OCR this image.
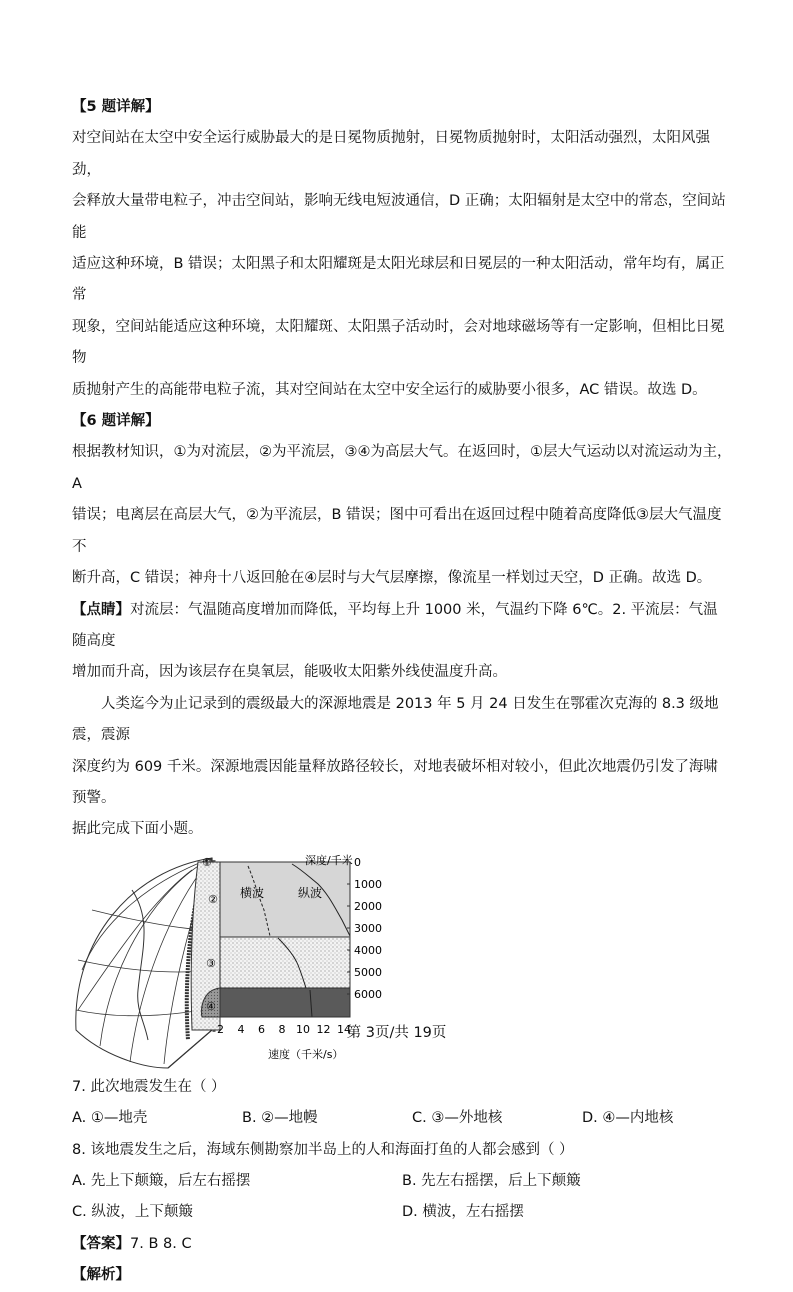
【5 题详解】

对空间站在太空中安全运行威胁最大的是日冕物质抛射，日冕物质抛射时，太阳活动强烈，太阳风强劲，

会释放大量带电粒子，冲击空间站，影响无线电短波通信，D 正确；太阳辐射是太空中的常态，空间站能

适应这种环境，B 错误；太阳黑子和太阳耀斑是太阳光球层和日冕层的一种太阳活动，常年均有，属正常

现象，空间站能适应这种环境，太阳耀斑、太阳黑子活动时，会对地球磁场等有一定影响，但相比日冕物

质抛射产生的高能带电粒子流，其对空间站在太空中安全运行的威胁要小很多，AC 错误。故选 D。

【6 题详解】

根据教材知识，①为对流层，②为平流层，③④为高层大气。在返回时，①层大气运动以对流运动为主，A

错误；电离层在高层大气，②为平流层，B 错误；图中可看出在返回过程中随着高度降低③层大气温度不

断升高，C 错误；神舟十八返回舱在④层时与大气层摩擦，像流星一样划过天空，D 正确。故选 D。

【点睛】对流层：气温随高度增加而降低，平均每上升 1000 米，气温约下降 6℃。2. 平流层：气温随高度

增加而升高，因为该层存在臭氧层，能吸收太阳紫外线使温度升高。

人类迄今为止记录到的震级最大的深源地震是 2013 年 5 月 24 日发生在鄂霍次克海的 8.3 级地震，震源

深度约为 609 千米。深源地震因能量释放路径较长，对地表破坏相对较小，但此次地震仍引发了海啸预警。

据此完成下面小题。

深度/千米 0
1000
2000
3000
4000
5000
6000
2 4 6 8 10 12 14
速度（千米/s）
横波	纵波
①
②
③
④

7. 此次地震发生在（ ）

A. ①—地壳	B. ②—地幔	C. ③—外地核	D. ④—内地核

8. 该地震发生之后，海域东侧勘察加半岛上的人和海面打鱼的人都会感到（ ）

A. 先上下颠簸，后左右摇摆	B. 先左右摇摆，后上下颠簸
C. 纵波，上下颠簸	D. 横波，左右摇摆

【答案】7. B 8. C

【解析】

第 3页/共 19页
